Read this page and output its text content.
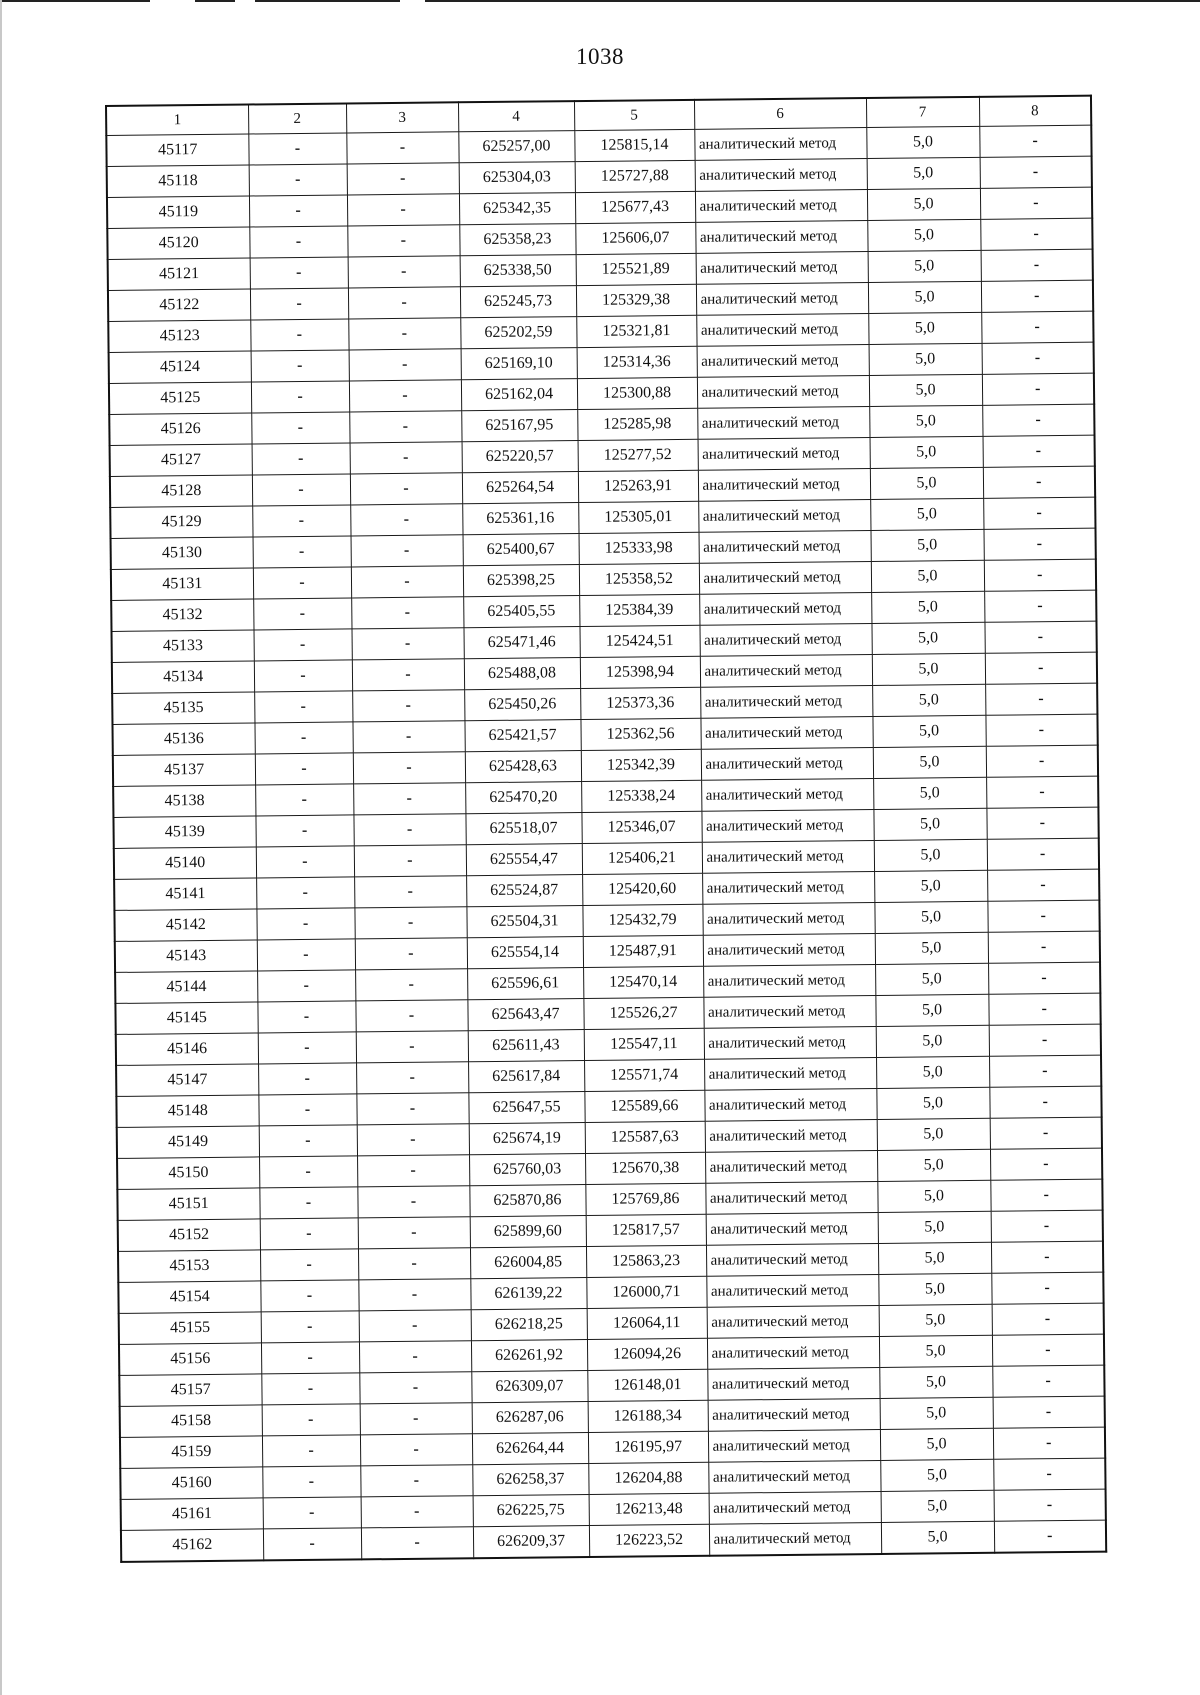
1038
1	2	3	4	5	6	7	8
45117	-	-	625257,00	125815,14	аналитический метод	5,0	-
45118	-	-	625304,03	125727,88	аналитический метод	5,0	-
45119	-	-	625342,35	125677,43	аналитический метод	5,0	-
45120	-	-	625358,23	125606,07	аналитический метод	5,0	-
45121	-	-	625338,50	125521,89	аналитический метод	5,0	-
45122	-	-	625245,73	125329,38	аналитический метод	5,0	-
45123	-	-	625202,59	125321,81	аналитический метод	5,0	-
45124	-	-	625169,10	125314,36	аналитический метод	5,0	-
45125	-	-	625162,04	125300,88	аналитический метод	5,0	-
45126	-	-	625167,95	125285,98	аналитический метод	5,0	-
45127	-	-	625220,57	125277,52	аналитический метод	5,0	-
45128	-	-	625264,54	125263,91	аналитический метод	5,0	-
45129	-	-	625361,16	125305,01	аналитический метод	5,0	-
45130	-	-	625400,67	125333,98	аналитический метод	5,0	-
45131	-	-	625398,25	125358,52	аналитический метод	5,0	-
45132	-	-	625405,55	125384,39	аналитический метод	5,0	-
45133	-	-	625471,46	125424,51	аналитический метод	5,0	-
45134	-	-	625488,08	125398,94	аналитический метод	5,0	-
45135	-	-	625450,26	125373,36	аналитический метод	5,0	-
45136	-	-	625421,57	125362,56	аналитический метод	5,0	-
45137	-	-	625428,63	125342,39	аналитический метод	5,0	-
45138	-	-	625470,20	125338,24	аналитический метод	5,0	-
45139	-	-	625518,07	125346,07	аналитический метод	5,0	-
45140	-	-	625554,47	125406,21	аналитический метод	5,0	-
45141	-	-	625524,87	125420,60	аналитический метод	5,0	-
45142	-	-	625504,31	125432,79	аналитический метод	5,0	-
45143	-	-	625554,14	125487,91	аналитический метод	5,0	-
45144	-	-	625596,61	125470,14	аналитический метод	5,0	-
45145	-	-	625643,47	125526,27	аналитический метод	5,0	-
45146	-	-	625611,43	125547,11	аналитический метод	5,0	-
45147	-	-	625617,84	125571,74	аналитический метод	5,0	-
45148	-	-	625647,55	125589,66	аналитический метод	5,0	-
45149	-	-	625674,19	125587,63	аналитический метод	5,0	-
45150	-	-	625760,03	125670,38	аналитический метод	5,0	-
45151	-	-	625870,86	125769,86	аналитический метод	5,0	-
45152	-	-	625899,60	125817,57	аналитический метод	5,0	-
45153	-	-	626004,85	125863,23	аналитический метод	5,0	-
45154	-	-	626139,22	126000,71	аналитический метод	5,0	-
45155	-	-	626218,25	126064,11	аналитический метод	5,0	-
45156	-	-	626261,92	126094,26	аналитический метод	5,0	-
45157	-	-	626309,07	126148,01	аналитический метод	5,0	-
45158	-	-	626287,06	126188,34	аналитический метод	5,0	-
45159	-	-	626264,44	126195,97	аналитический метод	5,0	-
45160	-	-	626258,37	126204,88	аналитический метод	5,0	-
45161	-	-	626225,75	126213,48	аналитический метод	5,0	-
45162	-	-	626209,37	126223,52	аналитический метод	5,0	-
